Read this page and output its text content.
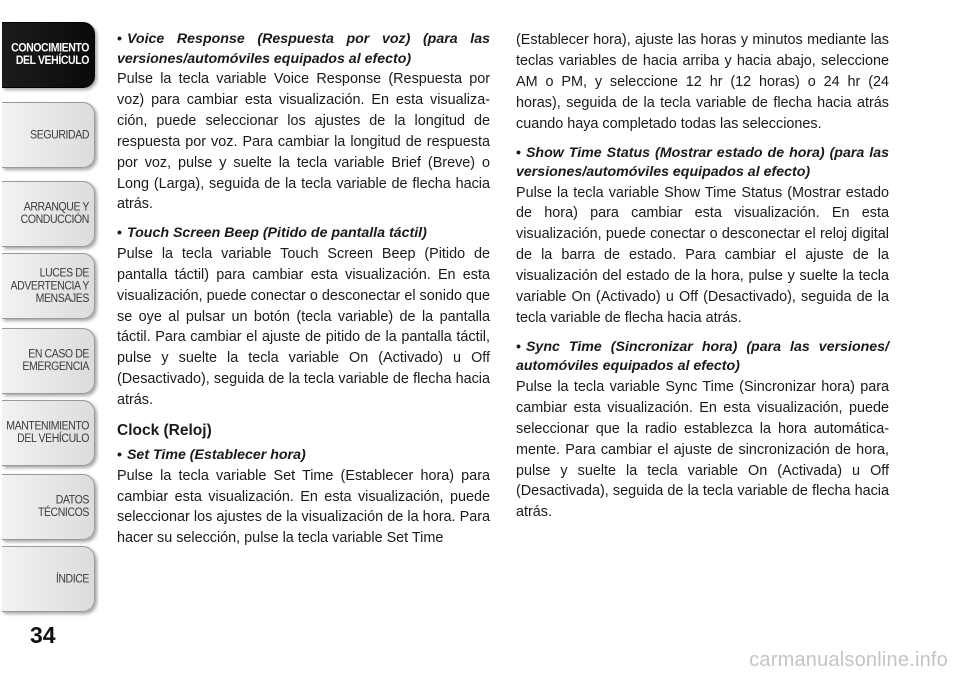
CONOCIMIENTO
DEL VEHÍCULO
SEGURIDAD
ARRANQUE Y
CONDUCCIÓN
LUCES DE
ADVERTENCIA Y
MENSAJES
EN CASO DE
EMERGENCIA
MANTENIMIENTO
DEL VEHÍCULO
DATOS
TÉCNICOS
ÍNDICE
34

• Voice Response (Respuesta por voz) (para las versiones/automóviles equipados al efecto)

Pulse la tecla variable Voice Response (Respuesta por voz) para cambiar esta visualización. En esta visualización, puede seleccionar los ajustes de la longitud de respuesta por voz. Para cambiar la longitud de respuesta por voz, pulse y suelte la tecla variable Brief (Breve) o Long (Larga), seguida de la tecla variable de flecha hacia atrás.

• Touch Screen Beep (Pitido de pantalla táctil)

Pulse la tecla variable Touch Screen Beep (Pitido de pantalla táctil) para cambiar esta visualización. En esta visualización, puede conectar o desconectar el sonido que se oye al pulsar un botón (tecla variable) de la pantalla táctil. Para cambiar el ajuste de pitido de la pantalla táctil, pulse y suelte la tecla variable On (Activado) u Off (Desactivado), seguida de la tecla variable de flecha hacia atrás.

Clock (Reloj)

• Set Time (Establecer hora)

Pulse la tecla variable Set Time (Establecer hora) para cambiar esta visualización. En esta visualización, puede seleccionar los ajustes de la visualización de la hora. Para hacer su selección, pulse la tecla variable Set Time

(Establecer hora), ajuste las horas y minutos mediante las teclas variables de hacia arriba y hacia abajo, seleccione AM o PM, y seleccione 12 hr (12 horas) o 24 hr (24 horas), seguida de la tecla variable de flecha hacia atrás cuando haya completado todas las selecciones.

• Show Time Status (Mostrar estado de hora) (para las versiones/automóviles equipados al efecto)

Pulse la tecla variable Show Time Status (Mostrar estado de hora) para cambiar esta visualización. En esta visualización, puede conectar o desconectar el reloj digital de la barra de estado. Para cambiar el ajuste de la visualización del estado de la hora, pulse y suelte la tecla variable On (Activado) u Off (Desactivado), seguida de la tecla variable de flecha hacia atrás.

• Sync Time (Sincronizar hora) (para las versiones/ automóviles equipados al efecto)

Pulse la tecla variable Sync Time (Sincronizar hora) para cambiar esta visualización. En esta visualización, puede seleccionar que la radio establezca la hora automáticamente. Para cambiar el ajuste de sincronización de hora, pulse y suelte la tecla variable On (Activada) u Off (Desactivada), seguida de la tecla variable de flecha hacia atrás.

carmanualsonline.info
